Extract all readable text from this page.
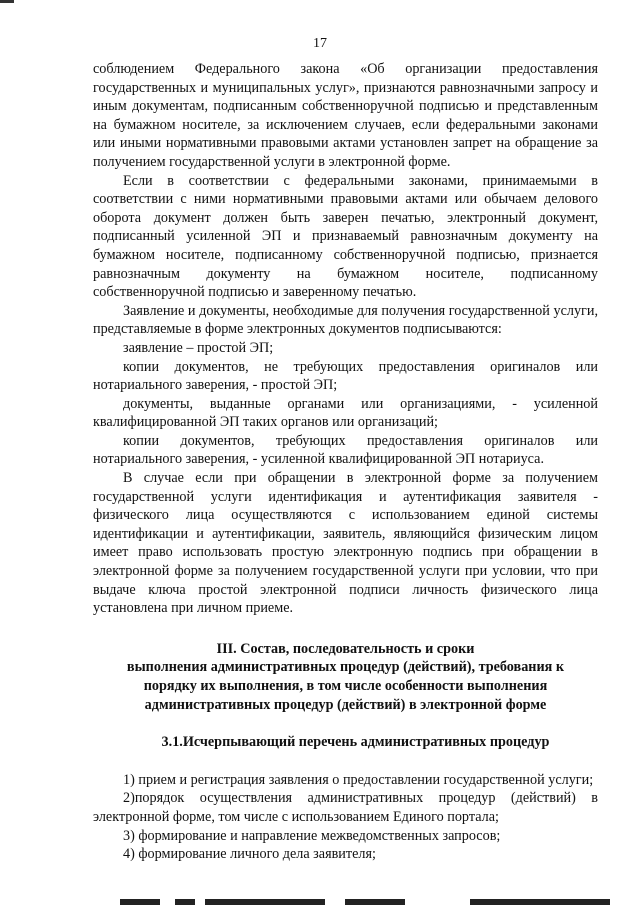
17

соблюдением Федерального закона «Об организации предоставления государственных и муниципальных услуг», признаются равнозначными запросу и иным документам, подписанным собственноручной подписью и представленным на бумажном носителе, за исключением случаев, если федеральными законами или иными нормативными правовыми актами установлен запрет на обращение за получением государственной услуги в электронной форме.

Если в соответствии с федеральными законами, принимаемыми в соответствии с ними нормативными правовыми актами или обычаем делового оборота документ должен быть заверен печатью, электронный документ, подписанный усиленной ЭП и признаваемый равнозначным документу на бумажном носителе, подписанному собственноручной подписью, признается равнозначным документу на бумажном носителе, подписанному собственноручной подписью и заверенному печатью.

Заявление и документы, необходимые для получения государственной услуги, представляемые в форме электронных документов подписываются:

заявление – простой ЭП;

копии документов, не требующих предоставления оригиналов или нотариального заверения, - простой ЭП;

документы, выданные органами или организациями, - усиленной квалифицированной ЭП таких органов или организаций;

копии документов, требующих предоставления оригиналов или нотариального заверения, - усиленной квалифицированной ЭП нотариуса.

В случае если при обращении в электронной форме за получением государственной услуги идентификация и аутентификация заявителя - физического лица осуществляются с использованием единой системы идентификации и аутентификации, заявитель, являющийся физическим лицом имеет право использовать простую электронную подпись при обращении в электронной форме за получением государственной услуги при условии, что при выдаче ключа простой электронной подписи личность физического лица установлена при личном приеме.

III. Состав, последовательность и сроки
выполнения административных процедур (действий), требования к
порядку их выполнения, в том числе особенности выполнения
административных процедур (действий) в электронной форме
3.1.Исчерпывающий перечень административных процедур

1) прием и регистрация заявления о предоставлении государственной услуги;

2)порядок осуществления административных процедур (действий) в электронной форме, том числе с использованием Единого портала;

3) формирование и направление межведомственных запросов;

4) формирование личного дела заявителя;
